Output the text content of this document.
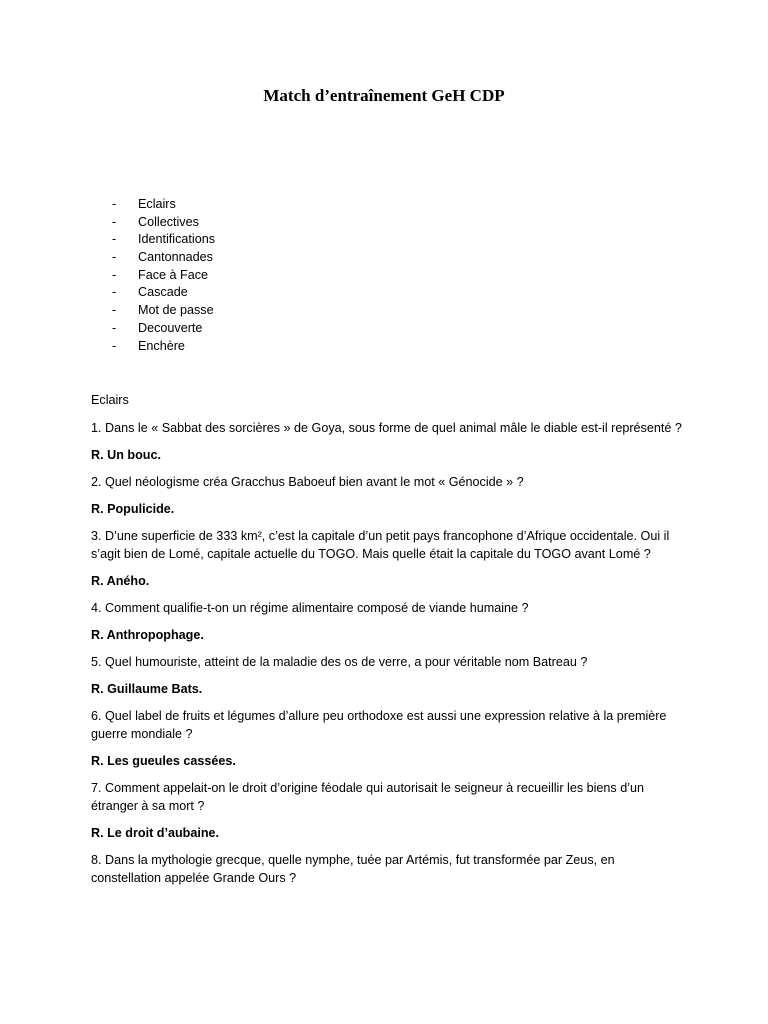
Match d’entraînement GeH CDP
- Eclairs
- Collectives
- Identifications
- Cantonnades
- Face à Face
- Cascade
- Mot de passe
- Decouverte
- Enchère

Eclairs

1. Dans le « Sabbat des sorcières » de Goya, sous forme de quel animal mâle le diable est-il représenté ?

R. Un bouc.

2. Quel néologisme créa Gracchus Baboeuf bien avant le mot « Génocide » ?

R. Populicide.

3. D’une superficie de 333 km², c’est la capitale d’un petit pays francophone d’Afrique occidentale. Oui il s’agit bien de Lomé, capitale actuelle du TOGO. Mais quelle était la capitale du TOGO avant Lomé ?

R. Aného.

4. Comment qualifie-t-on un régime alimentaire composé de viande humaine ?

R. Anthropophage.

5. Quel humouriste, atteint de la maladie des os de verre, a pour véritable nom Batreau ?

R. Guillaume Bats.

6. Quel label de fruits et légumes d’allure peu orthodoxe est aussi une expression relative à la première guerre mondiale ?

R. Les gueules cassées.

7. Comment appelait-on le droit d’origine féodale qui autorisait le seigneur à recueillir les biens d’un étranger à sa mort ?

R. Le droit d’aubaine.

8. Dans la mythologie grecque, quelle nymphe, tuée par Artémis, fut transformée par Zeus, en constellation appelée Grande Ours ?
